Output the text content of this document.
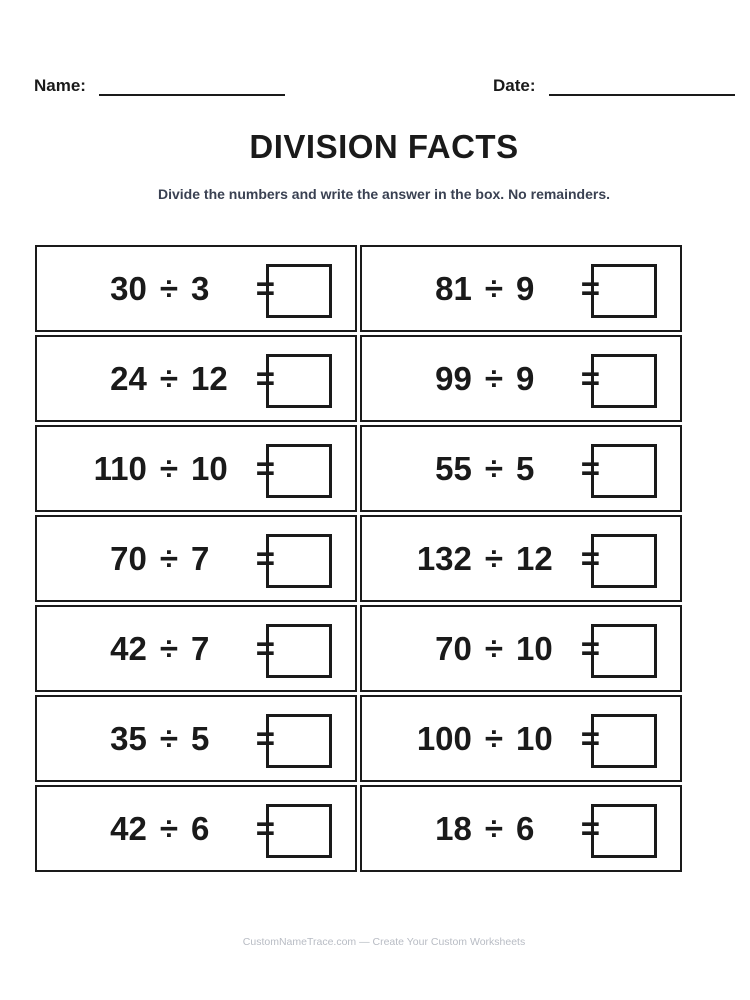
Name:	Date:
DIVISION FACTS
Divide the numbers and write the answer in the box. No remainders.
30 ÷ 3	=	81 ÷ 9	=
24 ÷ 12 =	99 ÷ 9	=
110 ÷ 10 =	55 ÷ 5	=
70 ÷ 7	=	132 ÷ 12 =
42 ÷ 7	=	70 ÷ 10 =
35 ÷ 5	=	100 ÷ 10 =
42 ÷ 6	=	18 ÷ 6	=
CustomNameTrace.com — Create Your Custom Worksheets
